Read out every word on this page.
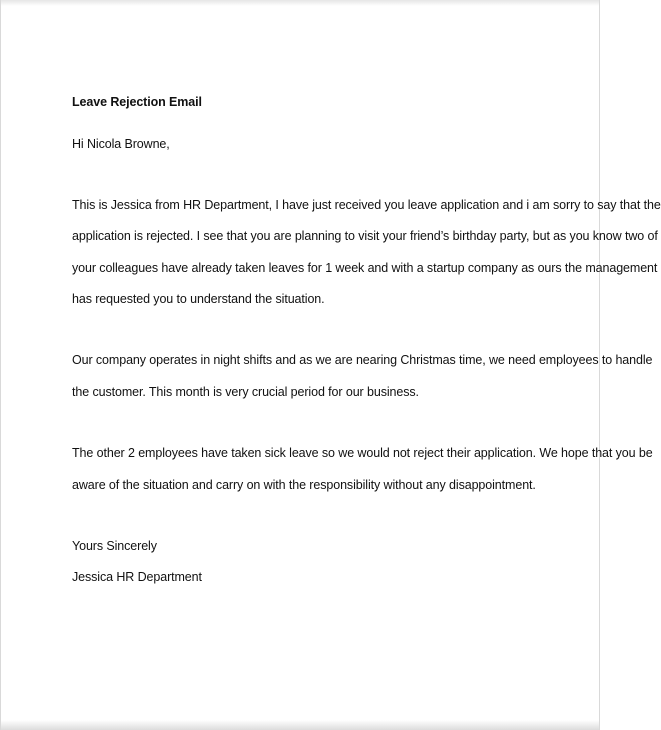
Leave Rejection Email
Hi Nicola Browne,
This is Jessica from HR Department, I have just received you leave application and i am sorry to say that the
application is rejected. I see that you are planning to visit your friend’s birthday party, but as you know two of
your colleagues have already taken leaves for 1 week and with a startup company as ours the management
has requested you to understand the situation.
Our company operates in night shifts and as we are nearing Christmas time, we need employees to handle
the customer. This month is very crucial period for our business.
The other 2 employees have taken sick leave so we would not reject their application. We hope that you be
aware of the situation and carry on with the responsibility without any disappointment.
Yours Sincerely
Jessica HR Department
